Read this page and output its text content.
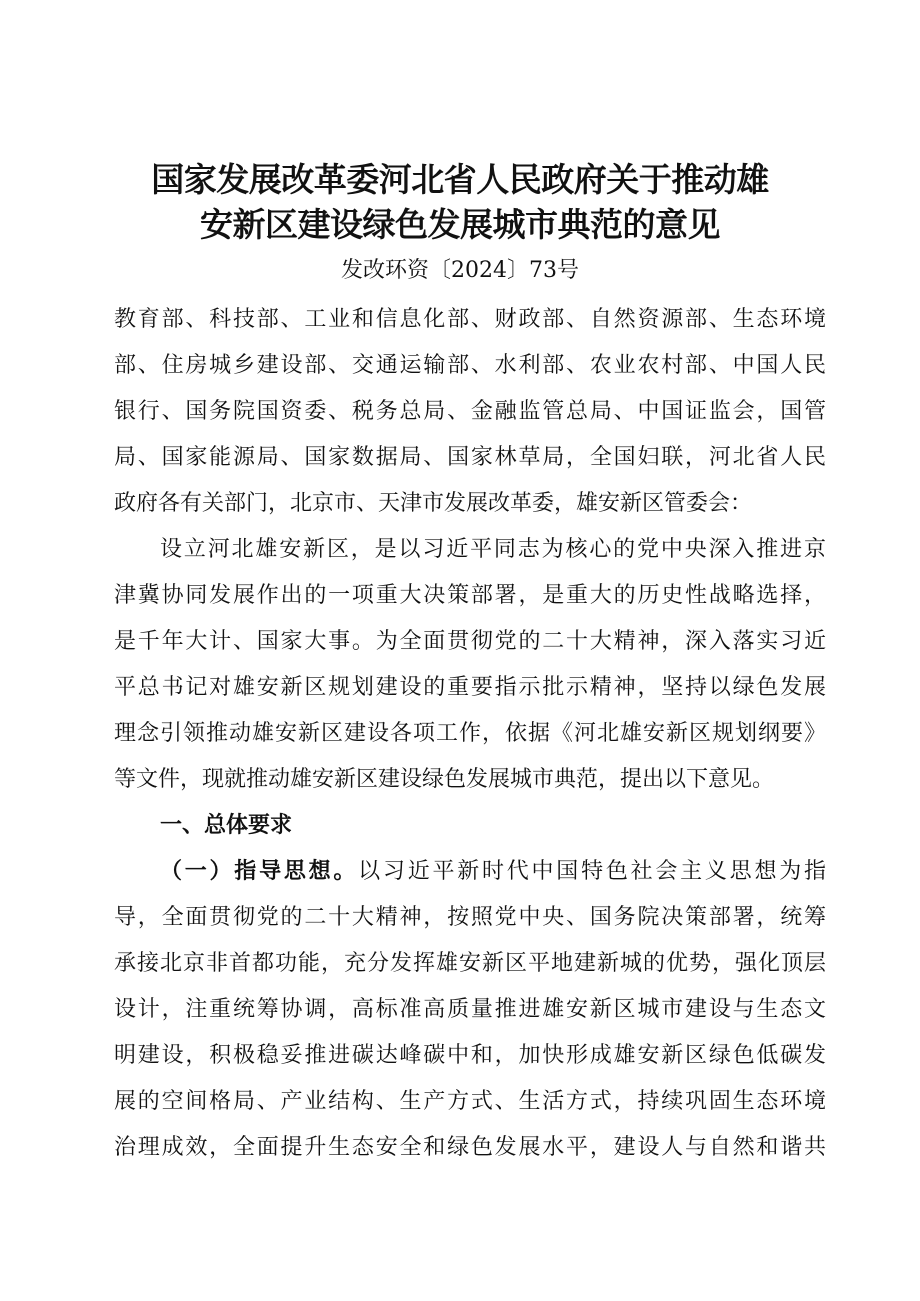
国家发展改革委河北省人民政府关于推动雄
安新区建设绿色发展城市典范的意见
发改环资〔2024〕73号
教育部、科技部、工业和信息化部、财政部、自然资源部、生态环境
部、住房城乡建设部、交通运输部、水利部、农业农村部、中国人民
银行、国务院国资委、税务总局、金融监管总局、中国证监会，国管
局、国家能源局、国家数据局、国家林草局，全国妇联，河北省人民
政府各有关部门，北京市、天津市发展改革委，雄安新区管委会：
设立河北雄安新区，是以习近平同志为核心的党中央深入推进京
津冀协同发展作出的一项重大决策部署，是重大的历史性战略选择，
是千年大计、国家大事。为全面贯彻党的二十大精神，深入落实习近
平总书记对雄安新区规划建设的重要指示批示精神，坚持以绿色发展
理念引领推动雄安新区建设各项工作，依据《河北雄安新区规划纲要》
等文件，现就推动雄安新区建设绿色发展城市典范，提出以下意见。
一、总体要求
（一）指导思想。以习近平新时代中国特色社会主义思想为指
导，全面贯彻党的二十大精神，按照党中央、国务院决策部署，统筹
承接北京非首都功能，充分发挥雄安新区平地建新城的优势，强化顶层
设计，注重统筹协调，高标准高质量推进雄安新区城市建设与生态文
明建设，积极稳妥推进碳达峰碳中和，加快形成雄安新区绿色低碳发
展的空间格局、产业结构、生产方式、生活方式，持续巩固生态环境
治理成效，全面提升生态安全和绿色发展水平，建设人与自然和谐共
